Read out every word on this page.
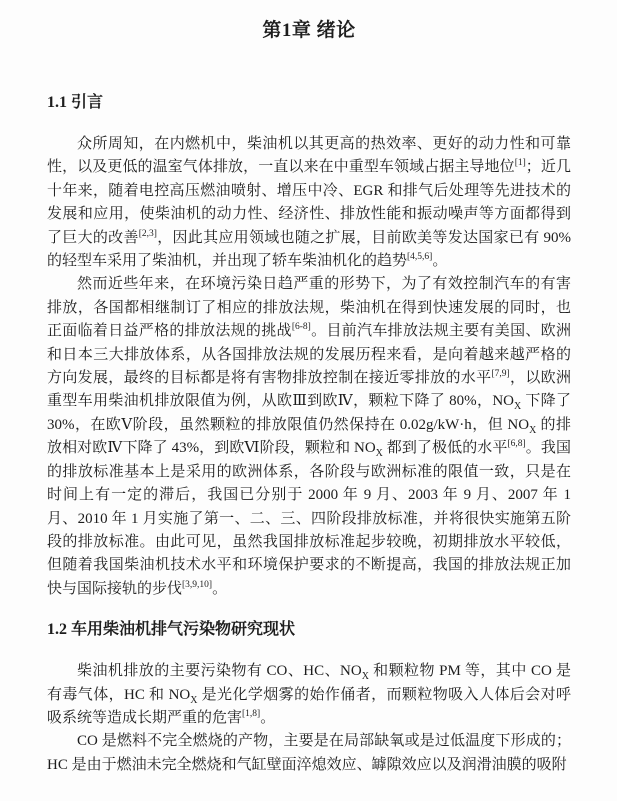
第1章 绪论
1.1 引言

众所周知，在内燃机中，柴油机以其更高的热效率、更好的动力性和可靠性，以及更低的温室气体排放，一直以来在中重型车领域占据主导地位[1]；近几十年来，随着电控高压燃油喷射、增压中冷、EGR 和排气后处理等先进技术的发展和应用，使柴油机的动力性、经济性、排放性能和振动噪声等方面都得到了巨大的改善[2,3]，因此其应用领域也随之扩展，目前欧美等发达国家已有 90%的轻型车采用了柴油机，并出现了轿车柴油机化的趋势[4,5,6]。

然而近些年来，在环境污染日趋严重的形势下，为了有效控制汽车的有害排放，各国都相继制订了相应的排放法规，柴油机在得到快速发展的同时，也正面临着日益严格的排放法规的挑战[6-8]。目前汽车排放法规主要有美国、欧洲和日本三大排放体系，从各国排放法规的发展历程来看，是向着越来越严格的方向发展，最终的目标都是将有害物排放控制在接近零排放的水平[7,9]，以欧洲重型车用柴油机排放限值为例，从欧Ⅲ到欧Ⅳ，颗粒下降了 80%，$NO_X$ 下降了 30%，在欧Ⅴ阶段，虽然颗粒的排放限值仍然保持在 0.02g/kW·h，但 $NO_X$ 的排放相对欧Ⅳ下降了 43%，到欧Ⅵ阶段，颗粒和 $NO_X$ 都到了极低的水平[6,8]。我国的排放标准基本上是采用的欧洲体系，各阶段与欧洲标准的限值一致，只是在时间上有一定的滞后，我国已分别于 2000 年 9 月、2003 年 9 月、2007 年 1 月、2010 年 1 月实施了第一、二、三、四阶段排放标准，并将很快实施第五阶段的排放标准。由此可见，虽然我国排放标准起步较晚，初期排放水平较低，但随着我国柴油机技术水平和环境保护要求的不断提高，我国的排放法规正加快与国际接轨的步伐[3,9,10]。

1.2 车用柴油机排气污染物研究现状

柴油机排放的主要污染物有 CO、HC、$NO_X$ 和颗粒物 PM 等，其中 CO 是有毒气体，HC 和 $NO_X$ 是光化学烟雾的始作俑者，而颗粒物吸入人体后会对呼吸系统等造成长期严重的危害[1,8]。

CO 是燃料不完全燃烧的产物，主要是在局部缺氧或是过低温度下形成的；HC 是由于燃油未完全燃烧和气缸壁面淬熄效应、罅隙效应以及润滑油膜的吸附
